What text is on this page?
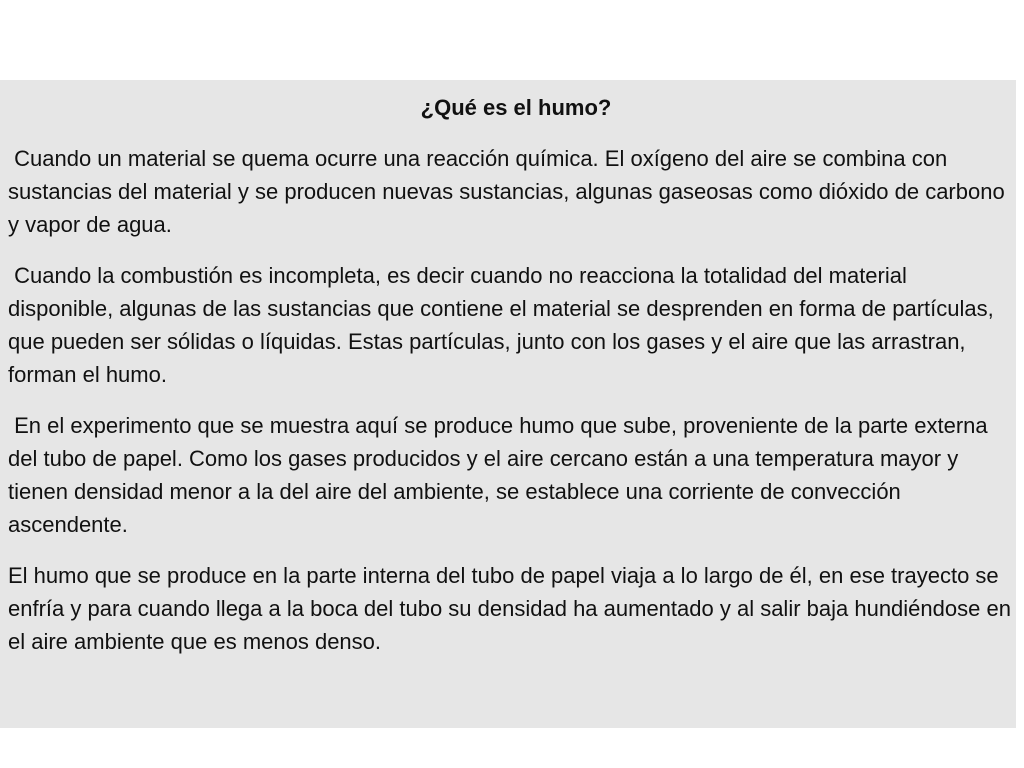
¿Qué es el humo?

Cuando un material se quema ocurre una reacción química. El oxígeno del aire se combina con sustancias del material y se producen nuevas sustancias, algunas gaseosas como dióxido de carbono y vapor de agua.

Cuando la combustión es incompleta, es decir cuando no reacciona la totalidad del material disponible, algunas de las sustancias que contiene el material se desprenden en forma de partículas, que pueden ser sólidas o líquidas. Estas partículas, junto con los gases y el aire que las arrastran, forman el humo.

En el experimento que se muestra aquí se produce humo que sube, proveniente de la parte externa del tubo de papel. Como los gases producidos y el aire cercano están a una temperatura mayor y tienen densidad menor a la del aire del ambiente, se establece una corriente de convección ascendente.

El humo que se produce en la parte interna del tubo de papel viaja a lo largo de él, en ese trayecto se enfría y para cuando llega a la boca del tubo su densidad ha aumentado y al salir baja hundiéndose en el aire ambiente que es menos denso.
